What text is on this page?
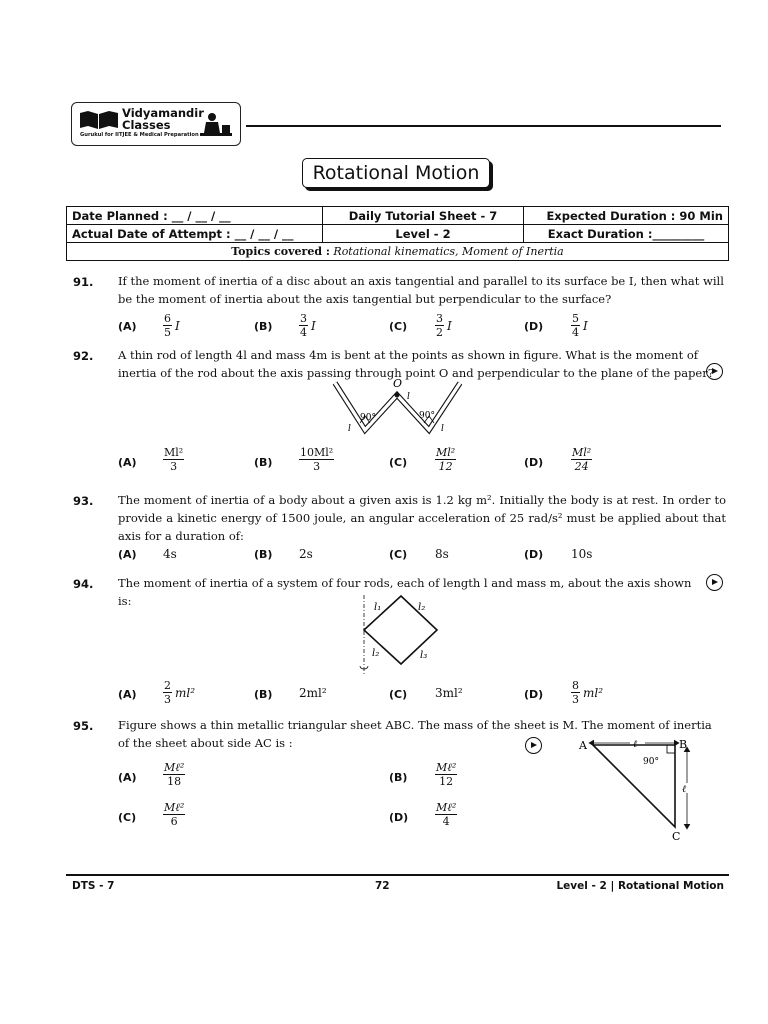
Vidyamandir
Classes
Gurukul for IITJEE & Medical Preparation
Rotational Motion
Date Planned : __ / __ / __	Daily Tutorial Sheet - 7	Expected Duration : 90 Min
Actual Date of Attempt : __ / __ / __	Level - 2	Exact Duration :_________
Topics covered : Rotational kinematics, Moment of Inertia		
91. If the moment of inertia of a disc about an axis tangential and parallel to its surface be I, then what will be the moment of inertia about the axis tangential but perpendicular to the surface?
$(A) \frac{6}{5}$ I	$(B) \frac{3}{4}$ I	(C)	$\frac{3}{2}$ I	(D)	$\frac{5}{4}$ I
92. A thin rod of length 4l and mass 4m is bent at the points as shown in figure. What is the moment of inertia of the rod about the axis passing through point O and perpendicular to the plane of the paper?
O
90°	90°
l
l	l
$(A) \frac{\text{Ml²}}{3}$	$(B) \frac{\text{10Ml²}}{3}$	(C)	$\frac{\text{Ml²}}{12}$	(D)	$\frac{\text{Ml²}}{24}$
93. The moment of inertia of a body about a given axis is 1.2 kg m². Initially the body is at rest. In order to provide a kinetic energy of 1500 joule, an angular acceleration of 25 rad/s² must be applied about that axis for a duration of:
(A) 4s	(B) 2s	(C) 8s	(D) 10s
94. The moment of inertia of a system of four rods, each of length l and mass m, about the axis shown is:	l₁	l₂
l₂	l₃
$(A) \frac{2}{3} ml^2$	(B) 2ml²	(C) 3ml²	(D)	$\frac{8}{3} ml^2$
95. Figure shows a thin metallic triangular sheet ABC. The mass of the sheet is M. The moment of inertia of the sheet about side AC is :	A	B
C
ℓ
ℓ
90°
(A)
Mℓ²
18	(B)
Mℓ²
12
(C)
Mℓ²
6	(D)
Mℓ²
4
DTS - 7	72	Level - 2 | Rotational Motion
